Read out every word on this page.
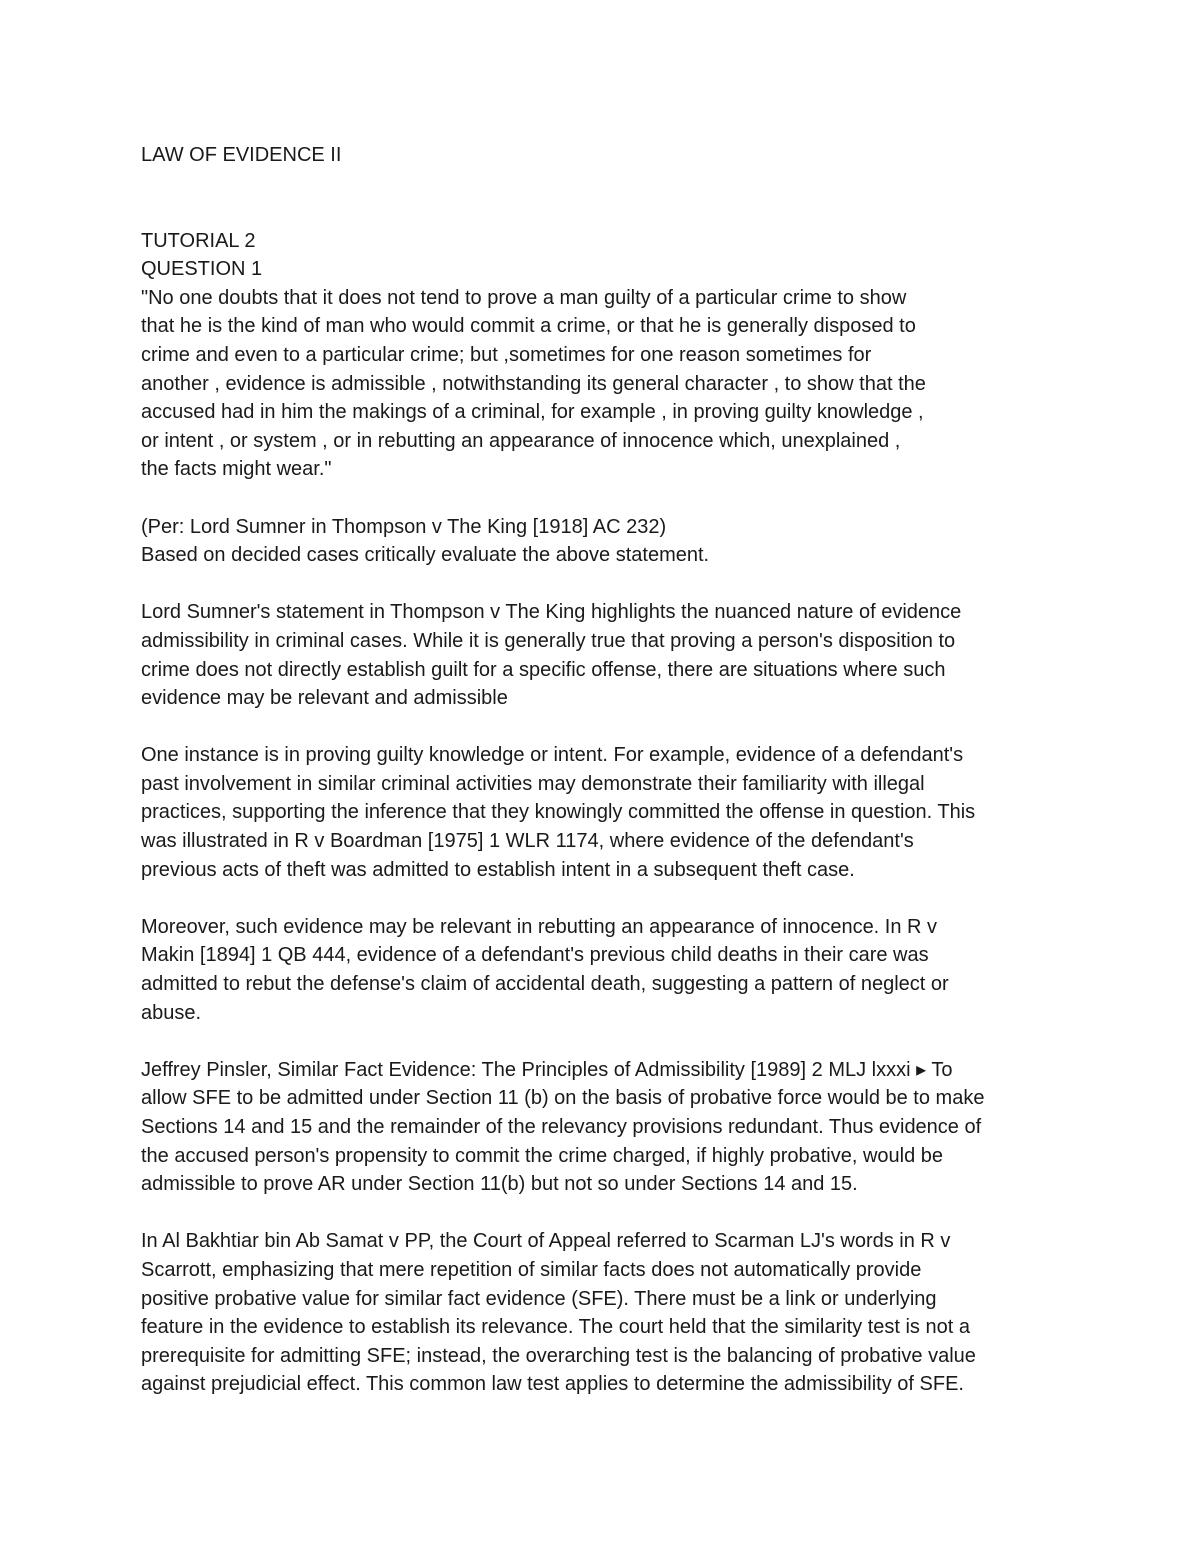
LAW OF EVIDENCE II
TUTORIAL 2
QUESTION 1
"No one doubts that it does not tend to prove a man guilty of a particular crime to show
that he is the kind of man who would commit a crime, or that he is generally disposed to
crime and even to a particular crime; but ,sometimes for one reason sometimes for
another , evidence is admissible , notwithstanding its general character , to show that the
accused had in him the makings of a criminal, for example , in proving guilty knowledge ,
or intent , or system , or in rebutting an appearance of innocence which, unexplained ,
the facts might wear."
(Per: Lord Sumner in Thompson v The King [1918] AC 232)
Based on decided cases critically evaluate the above statement.
Lord Sumner's statement in Thompson v The King highlights the nuanced nature of evidence
admissibility in criminal cases. While it is generally true that proving a person's disposition to
crime does not directly establish guilt for a specific offense, there are situations where such
evidence may be relevant and admissible
One instance is in proving guilty knowledge or intent. For example, evidence of a defendant's
past involvement in similar criminal activities may demonstrate their familiarity with illegal
practices, supporting the inference that they knowingly committed the offense in question. This
was illustrated in R v Boardman [1975] 1 WLR 1174, where evidence of the defendant's
previous acts of theft was admitted to establish intent in a subsequent theft case.
Moreover, such evidence may be relevant in rebutting an appearance of innocence. In R v
Makin [1894] 1 QB 444, evidence of a defendant's previous child deaths in their care was
admitted to rebut the defense's claim of accidental death, suggesting a pattern of neglect or
abuse.
Jeffrey Pinsler, Similar Fact Evidence: The Principles of Admissibility [1989] 2 MLJ lxxxi ▸ To
allow SFE to be admitted under Section 11 (b) on the basis of probative force would be to make
Sections 14 and 15 and the remainder of the relevancy provisions redundant. Thus evidence of
the accused person's propensity to commit the crime charged, if highly probative, would be
admissible to prove AR under Section 11(b) but not so under Sections 14 and 15.
In Al Bakhtiar bin Ab Samat v PP, the Court of Appeal referred to Scarman LJ's words in R v
Scarrott, emphasizing that mere repetition of similar facts does not automatically provide
positive probative value for similar fact evidence (SFE). There must be a link or underlying
feature in the evidence to establish its relevance. The court held that the similarity test is not a
prerequisite for admitting SFE; instead, the overarching test is the balancing of probative value
against prejudicial effect. This common law test applies to determine the admissibility of SFE.
